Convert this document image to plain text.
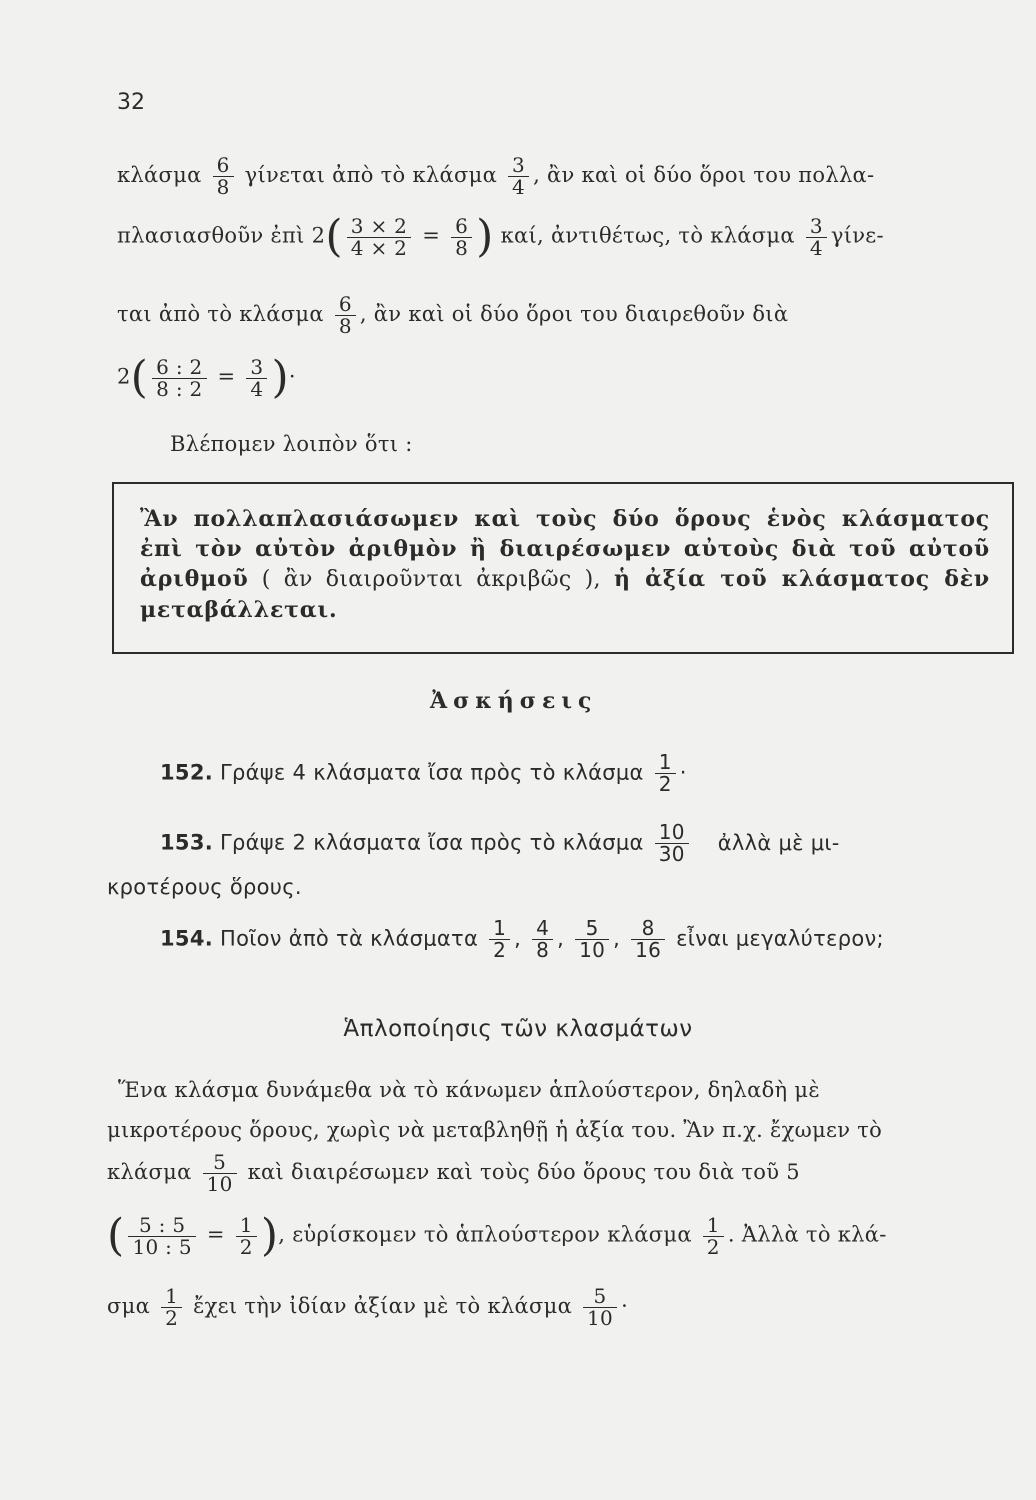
32
κλάσμα $\frac{6}{8}$ γίνεται ἀπὸ τὸ κλάσμα $\frac{3}{4}$ , ἂν καὶ οἱ δύο ὅροι του πολλα-
πλασιασθοῦν ἐπὶ $2( \frac{3 \times 2}{4 \times 2} = \frac{6}{8}$ ) καί, ἀντιθέτως, τὸ κλάσμα $\frac{3}{4} \gamma ί\nu\varepsilon-$
ται ἀπὸ τὸ κλάσμα $\frac{6}{8}$ , ἂν καὶ οἱ δύο ὅροι του διαιρεθοῦν διὰ
$2( \frac{6 : 2}{8 : 2} = \frac{3}{4}$ )·
Βλέπομεν λοιπὸν ὅτι :
Ἂν πολλαπλασιάσωμεν καὶ τοὺς δύο ὅρους ἑνὸς κλάσματος ἐπὶ τὸν αὐτὸν ἀριθμὸν ἢ διαιρέσωμεν αὐτοὺς διὰ τοῦ αὐτοῦ ἀριθμοῦ ( ἂν διαιροῦνται ἀκριβῶς ), ἡ ἀξία τοῦ κλάσματος δὲν μεταβάλλεται.
Ἀσκήσεις
152. Γράψε 4 κλάσματα ἴσα πρὸς τὸ κλάσμα $\frac{1}{2}$ ·
153. Γράψε 2 κλάσματα ἴσα πρὸς τὸ κλάσμα $\frac{10}{30}$ ἀλλὰ μὲ μι-
κροτέρους ὅρους.
154. Ποῖον ἀπὸ τὰ κλάσματα $\frac{1}{2}$ , $\frac{4}{8}$ , $\frac{5}{10}$ , $\frac{8}{16}$ εἶναι μεγαλύτερον;
Ἁπλοποίησις τῶν κλασμάτων
Ἕνα κλάσμα δυνάμεθα νὰ τὸ κάνωμεν ἁπλούστερον, δηλαδὴ μὲ
μικροτέρους ὅρους, χωρὶς νὰ μεταβληθῇ ἡ ἀξία του. Ἂν π.χ. ἔχωμεν τὸ
κλάσμα $\frac{5}{10}$ καὶ διαιρέσωμεν καὶ τοὺς δύο ὅρους του διὰ τοῦ 5
( $\frac{5 : 5}{10 : 5} = \frac{1}{2}$ ), εὑρίσκομεν τὸ ἁπλούστερον κλάσμα $\frac{1}{2}$ . Ἀλλὰ τὸ κλά-
σμα $\frac{1}{2}$ ἔχει τὴν ἰδίαν ἀξίαν μὲ τὸ κλάσμα $\frac{5}{10}$ ·
